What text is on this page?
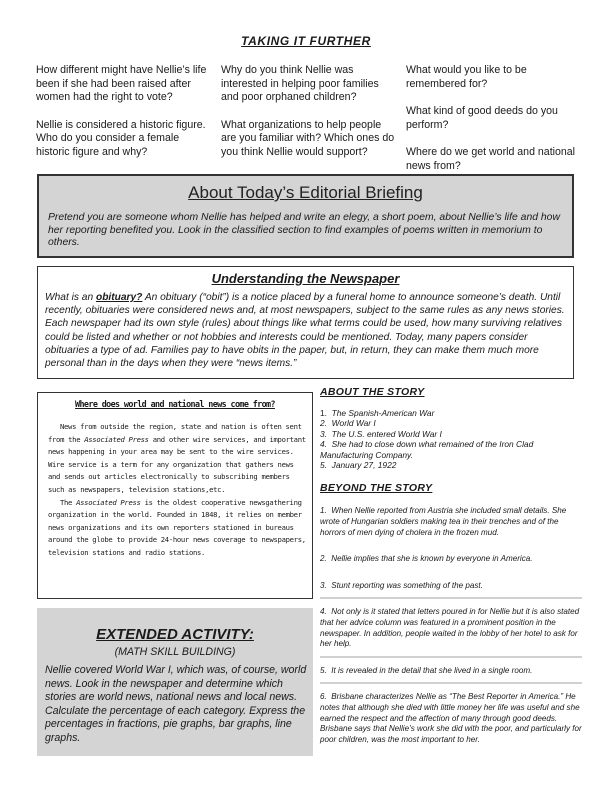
TAKING IT FURTHER

How different might have Nellie’s life been if she had been raised after women had the right to vote?

Nellie is considered a historic figure. Who do you consider a female historic figure and why?

Why do you think Nellie was interested in helping poor families and poor orphaned children?

What organizations to help people are you familiar with? Which ones do you think Nellie would support?

What would you like to be remembered for?

What kind of good deeds do you perform?

Where do we get world and national news from?

About Today’s Editorial Briefing
Pretend you are someone whom Nellie has helped and write an elegy, a short poem, about Nellie’s life and how her reporting benefited you. Look in the classified section to find examples of poems written in memorium to others.
Understanding the Newspaper
What is an obituary? An obituary (“obit”) is a notice placed by a funeral home to announce someone’s death. Until recently, obituaries were considered news and, at most newspapers, subject to the same rules as any news stories. Each newspaper had its own style (rules) about things like what terms could be used, how many surviving relatives could be listed and whether or not hobbies and interests could be mentioned. Today, many papers consider obituaries a type of ad. Families pay to have obits in the paper, but, in return, they can make them much more personal than in the days when they were “news items.”
Where does world and national news come from?

News from outside the region, state and nation is often sent from the Associated Press and other wire services, and important news happening in your area may be sent to the wire services. Wire service is a term for any organization that gathers news and sends out articles electronically to subscribing members such as newspapers, television stations,etc.

The Associated Press is the oldest cooperative newsgathering organization in the world. Founded in 1848, it relies on member news organizations and its own reporters stationed in bureaus around the globe to provide 24-hour news coverage to newspapers, television stations and radio stations.

EXTENDED ACTIVITY:
(MATH SKILL BUILDING)
Nellie covered World War I, which was, of course, world news. Look in the newspaper and determine which stories are world news, national news and local news. Calculate the percentage of each category. Express the percentages in fractions, pie graphs, bar graphs, line graphs.
ABOUT THE STORY
1. The Spanish-American War
2. World War I
3. The U.S. entered World War I
4. She had to close down what remained of the Iron Clad Manufacturing Company.
5. January 27, 1922
BEYOND THE STORY
1. When Nellie reported from Austria she included small details. She wrote of Hungarian soldiers making tea in their trenches and of the horrors of men dying of cholera in the frozen mud.
2. Nellie implies that she is known by everyone in America.
3. Stunt reporting was something of the past.
4. Not only is it stated that letters poured in for Nellie but it is also stated that her advice column was featured in a prominent position in the newspaper. In addition, people waited in the lobby of her hotel to ask for her help.
5. It is revealed in the detail that she lived in a single room.
6. Brisbane characterizes Nellie as “The Best Reporter in America.” He notes that although she died with little money her life was useful and she earned the respect and the affection of many through good deeds. Brisbane says that Nellie’s work she did with the poor, and particularly for poor children, was the most important to her.
